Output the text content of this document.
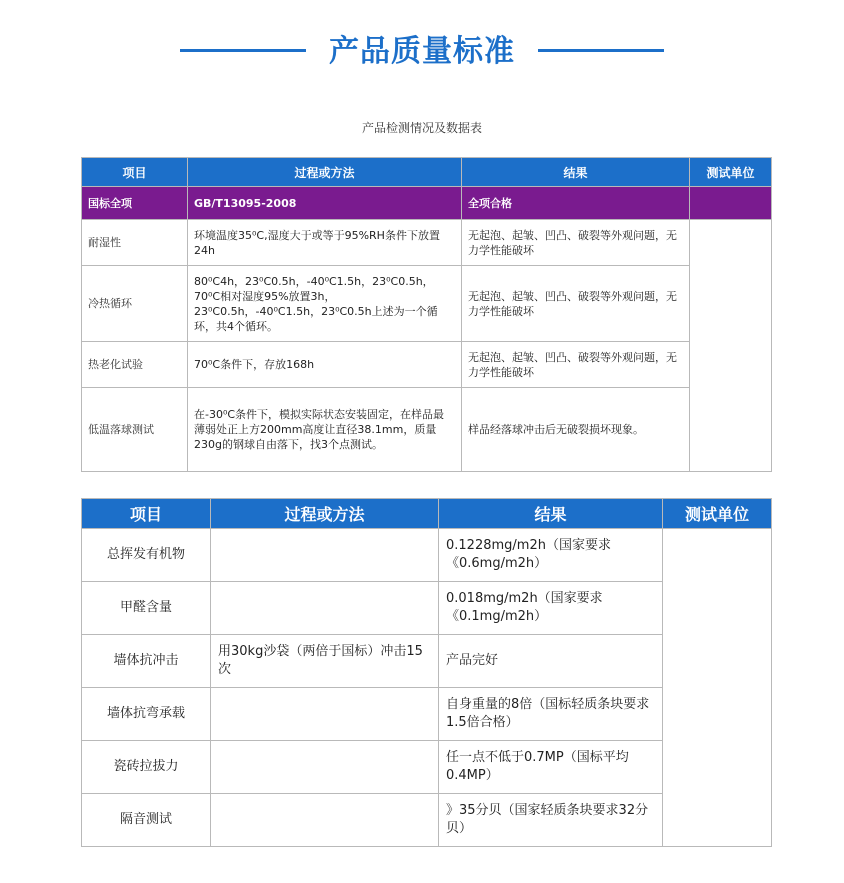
产品质量标准
产品检测情况及数据表
项目	过程或方法	结果	测试单位
国标全项	GB/T13095-2008	全项合格	
耐湿性	环境温度35⁰C,湿度大于或等于95%RH条件下放置24h	无起泡、起皱、凹凸、破裂等外观问题，无力学性能破坏	
冷热循环	80⁰C4h，23⁰C0.5h，-40⁰C1.5h，23⁰C0.5h，70⁰C相对湿度95%放置3h，23⁰C0.5h，-40⁰C1.5h，23⁰C0.5h上述为一个循环，共4个循环。	无起泡、起皱、凹凸、破裂等外观问题，无力学性能破坏	
热老化试验	70⁰C条件下，存放168h	无起泡、起皱、凹凸、破裂等外观问题，无力学性能破坏	
低温落球测试	在-30⁰C条件下，模拟实际状态安装固定，在样品最薄弱处正上方200mm高度让直径38.1mm，质量230g的钢球自由落下，找3个点测试。	样品经落球冲击后无破裂损坏现象。	
项目	过程或方法	结果	测试单位
总挥发有机物		0.1228mg/m2h（国家要求《0.6mg/m2h）	
甲醛含量		0.018mg/m2h（国家要求《0.1mg/m2h）	
墙体抗冲击	用30kg沙袋（两倍于国标）冲击15次	产品完好	
墙体抗弯承载		自身重量的8倍（国标轻质条块要求1.5倍合格）	
瓷砖拉拔力		任一点不低于0.7MP（国标平均0.4MP）	
隔音测试		》35分贝（国家轻质条块要求32分贝）	
